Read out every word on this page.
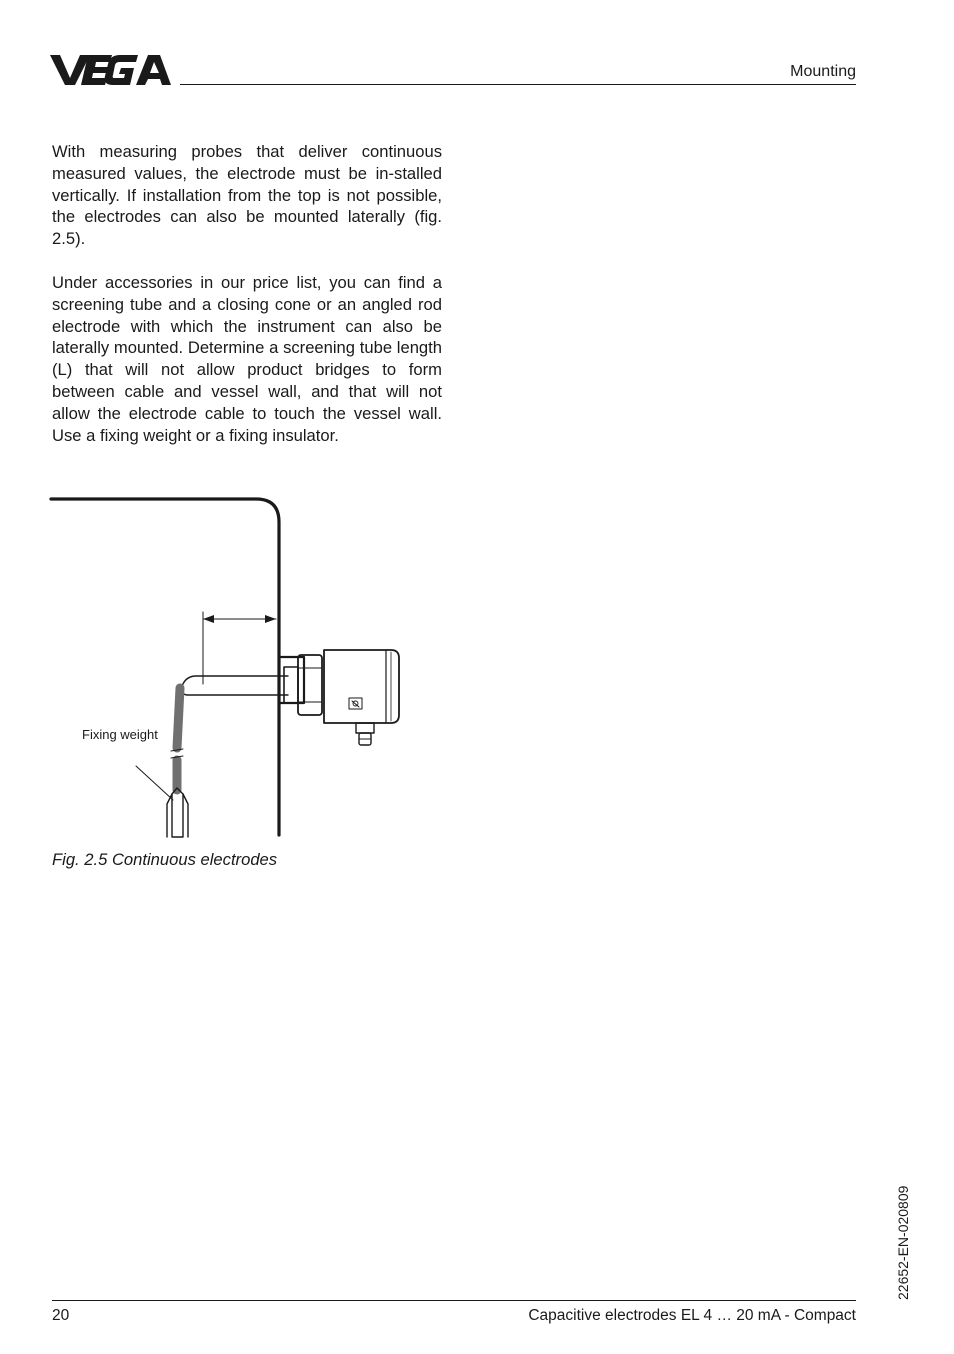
Mounting

With measuring probes that deliver continuous measured values, the electrode must be in-stalled vertically. If installation from the top is not possible, the electrodes can also be mounted laterally (fig. 2.5).

Under accessories in our price list, you can find a screening tube and a closing cone or an angled rod electrode with which the instrument can also be laterally mounted. Determine a screening tube length (L) that will not allow product bridges to form between cable and vessel wall, and that will not allow the electrode cable to touch the vessel wall. Use a fixing weight or a fixing insulator.

Fixing weight
Fig. 2.5 Continuous electrodes
22652-EN-020809
20	Capacitive electrodes EL 4 … 20 mA - Compact
